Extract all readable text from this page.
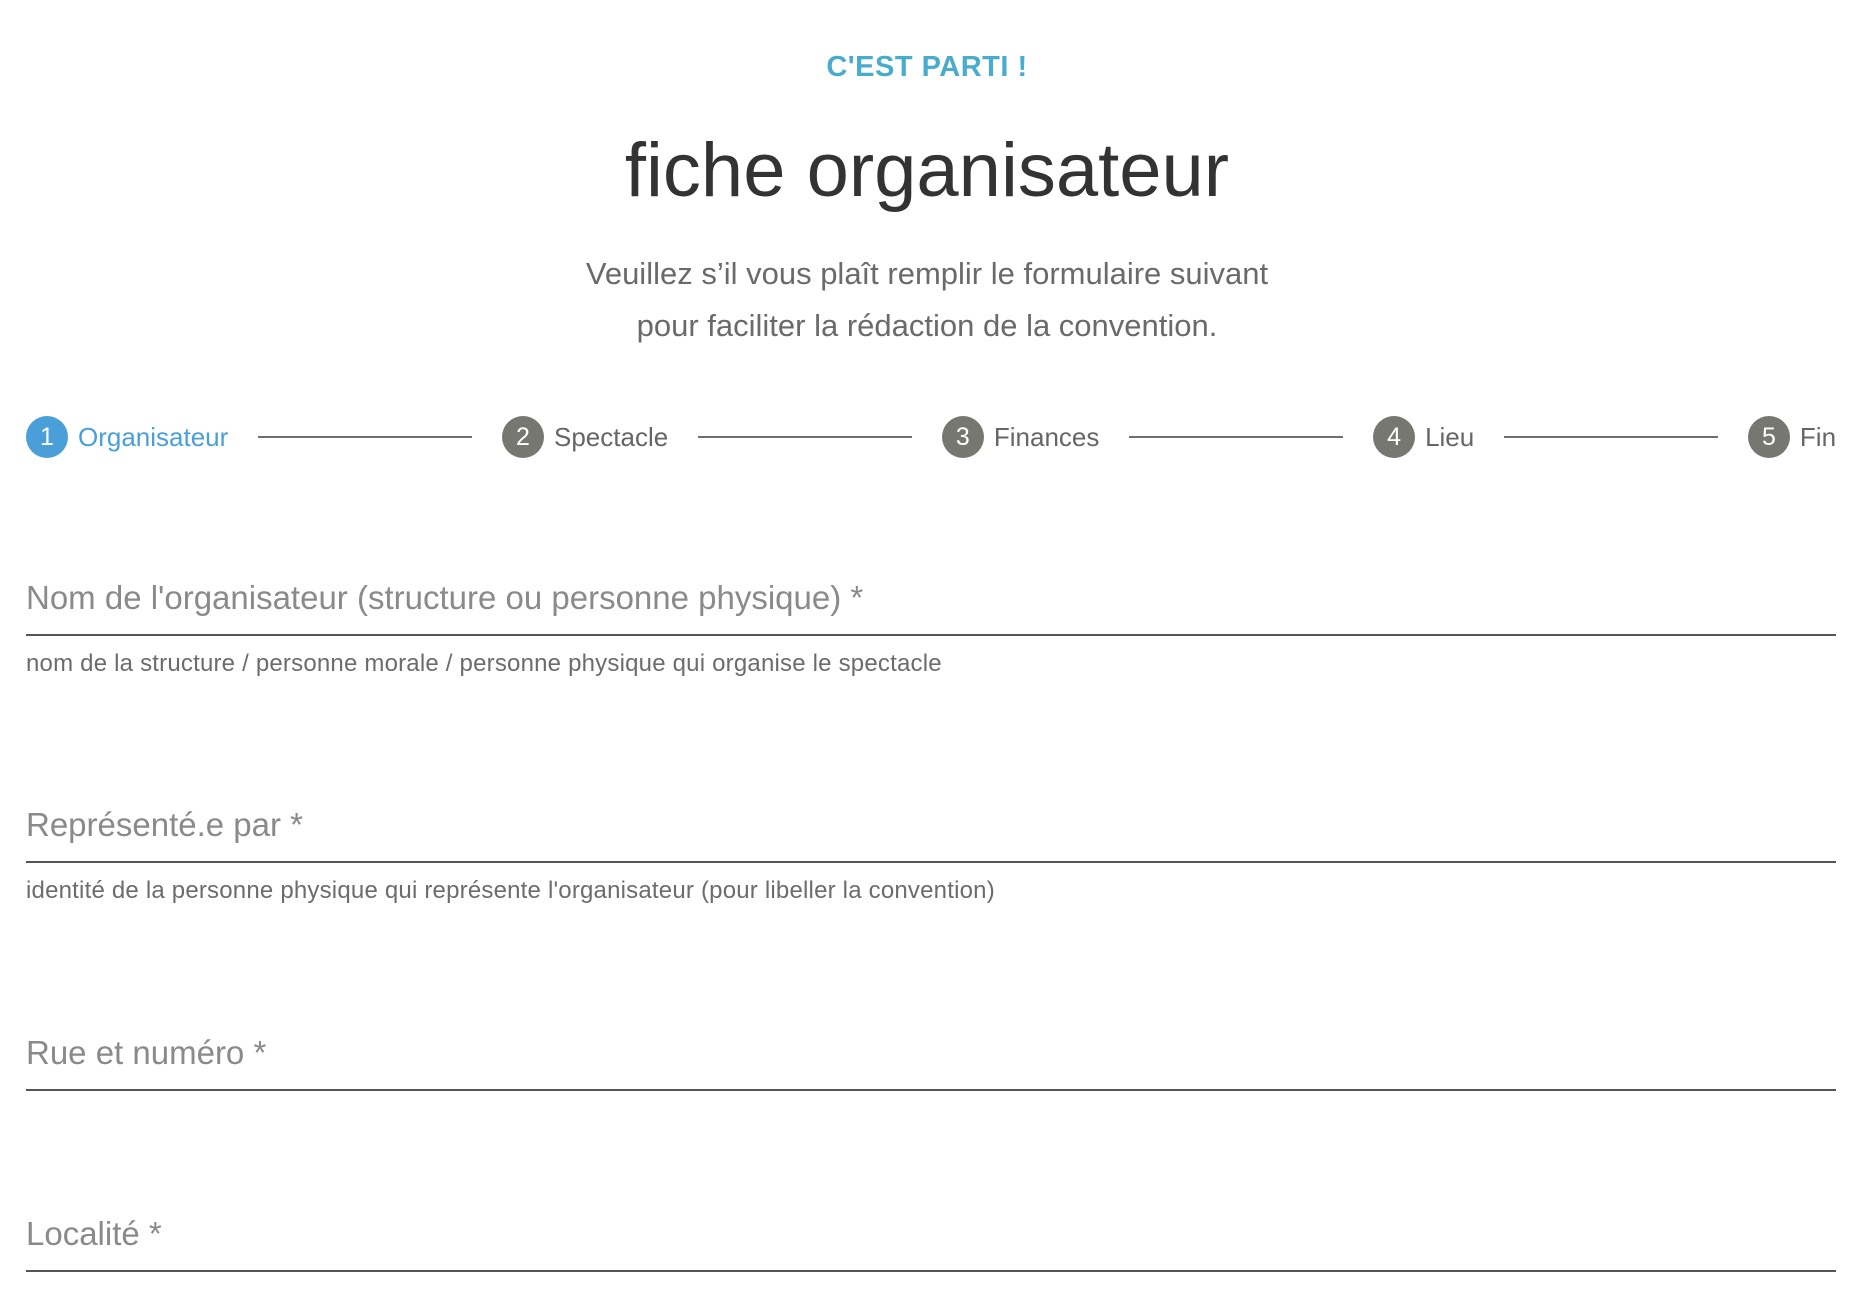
C'EST PARTI !
fiche organisateur
Veuillez s’il vous plaît remplir le formulaire suivant
pour faciliter la rédaction de la convention.
1 Organisateur	2 Spectacle	3 Finances	4 Lieu	5 Fin
Nom de l'organisateur (structure ou personne physique) *
nom de la structure / personne morale / personne physique qui organise le spectacle
Représenté.e par *
identité de la personne physique qui représente l'organisateur (pour libeller la convention)
Rue et numéro *
Localité *
